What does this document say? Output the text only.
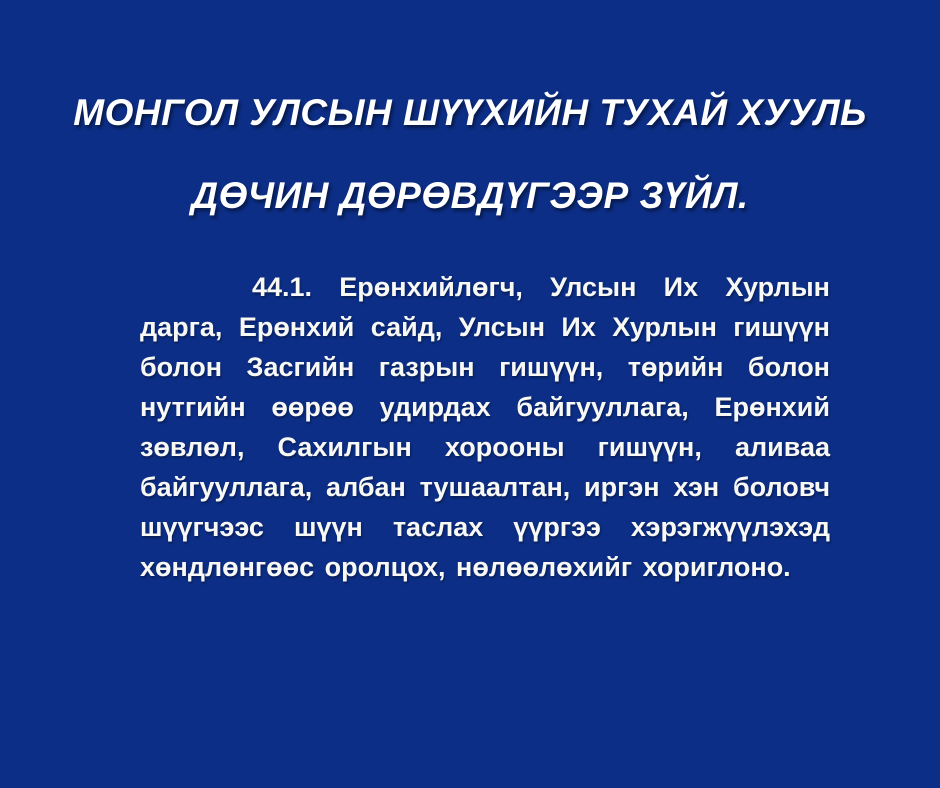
МОНГОЛ УЛСЫН ШҮҮХИЙН ТУХАЙ ХУУЛЬ
ДӨЧИН ДӨРӨВДҮГЭЭР ЗҮЙЛ.

44.1. Ерөнхийлөгч, Улсын Их Хурлын дарга, Ерөнхий сайд, Улсын Их Хурлын гишүүн болон Засгийн газрын гишүүн, төрийн болон нутгийн өөрөө удирдах байгууллага, Ерөнхий зөвлөл, Сахилгын хорооны гишүүн, аливаа байгууллага, албан тушаалтан, иргэн хэн боловч шүүгчээс шүүн таслах үүргээ хэрэгжүүлэхэд хөндлөнгөөс оролцох, нөлөөлөхийг хориглоно.
